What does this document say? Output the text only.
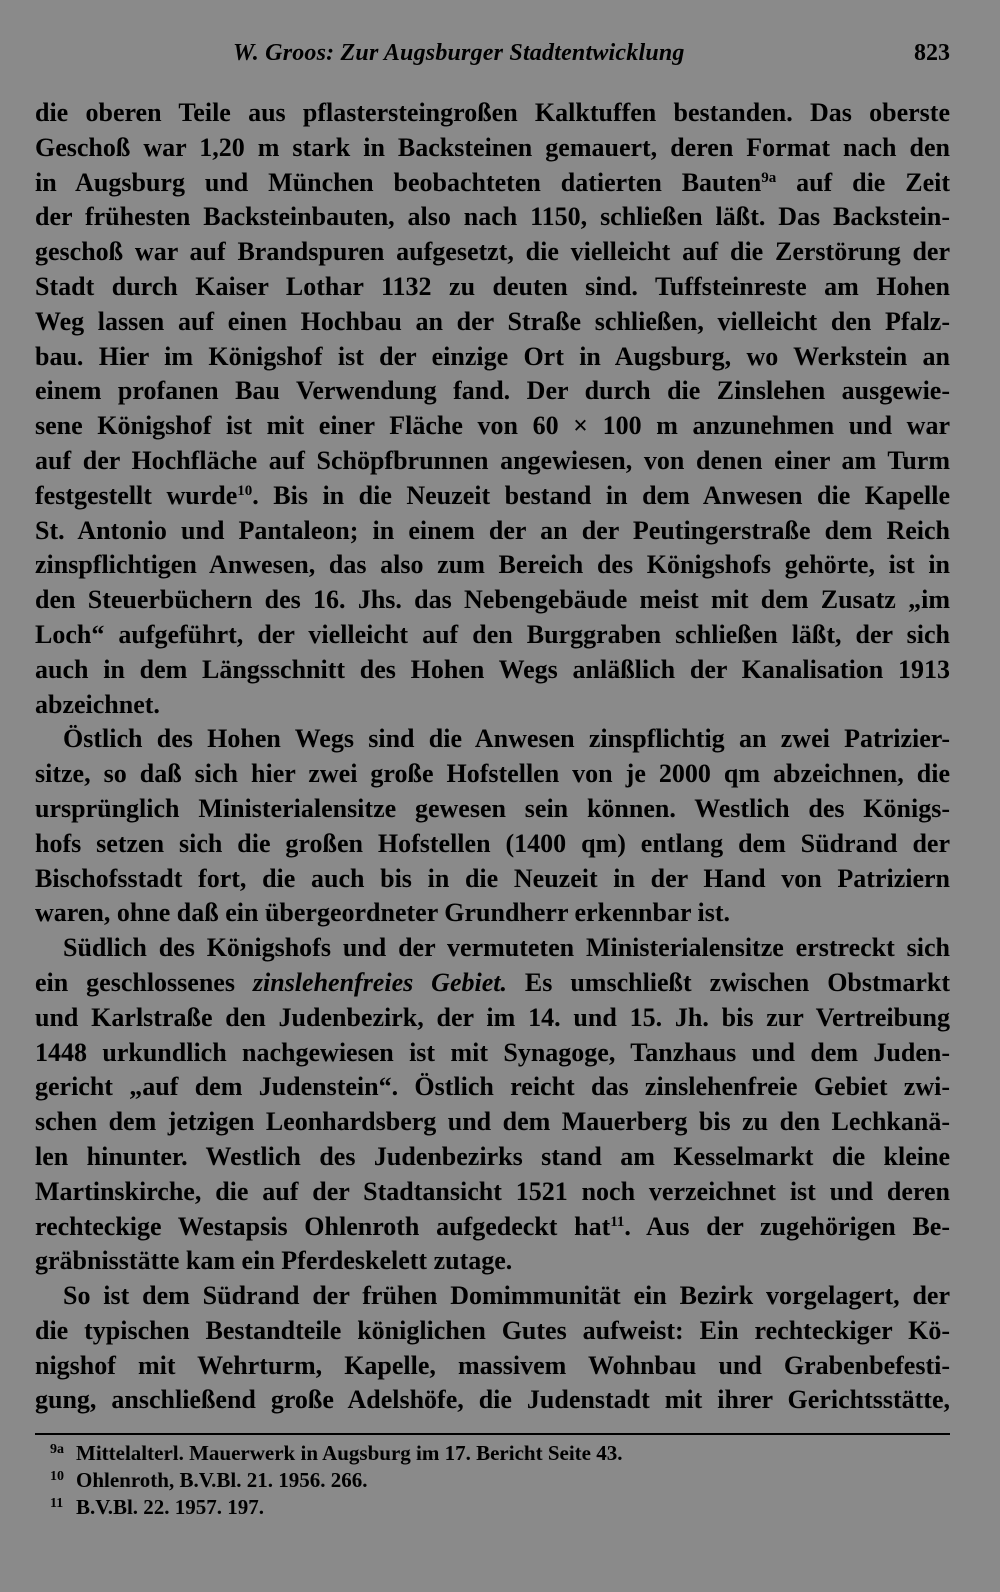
W. Groos: Zur Augsburger Stadtentwicklung	823
die oberen Teile aus pflastersteingroßen Kalktuffen bestanden. Das oberste
Geschoß war 1,20 m stark in Backsteinen gemauert, deren Format nach den
in Augsburg und München beobachteten datierten Bauten$^{9a}$ auf die Zeit
der frühesten Backsteinbauten, also nach 1150, schließen läßt. Das Backstein-
geschoß war auf Brandspuren aufgesetzt, die vielleicht auf die Zerstörung der
Stadt durch Kaiser Lothar 1132 zu deuten sind. Tuffsteinreste am Hohen
Weg lassen auf einen Hochbau an der Straße schließen, vielleicht den Pfalz-
bau. Hier im Königshof ist der einzige Ort in Augsburg, wo Werkstein an
einem profanen Bau Verwendung fand. Der durch die Zinslehen ausgewie-
sene Königshof ist mit einer Fläche von 60 × 100 m anzunehmen und war
auf der Hochfläche auf Schöpfbrunnen angewiesen, von denen einer am Turm
festgestellt wurde$^{10}$. Bis in die Neuzeit bestand in dem Anwesen die Kapelle
St. Antonio und Pantaleon; in einem der an der Peutingerstraße dem Reich
zinspflichtigen Anwesen, das also zum Bereich des Königshofs gehörte, ist in
den Steuerbüchern des 16. Jhs. das Nebengebäude meist mit dem Zusatz „im
Loch“ aufgeführt, der vielleicht auf den Burggraben schließen läßt, der sich
auch in dem Längsschnitt des Hohen Wegs anläßlich der Kanalisation 1913
abzeichnet.
Östlich des Hohen Wegs sind die Anwesen zinspflichtig an zwei Patrizier-
sitze, so daß sich hier zwei große Hofstellen von je 2000 qm abzeichnen, die
ursprünglich Ministerialensitze gewesen sein können. Westlich des Königs-
hofs setzen sich die großen Hofstellen (1400 qm) entlang dem Südrand der
Bischofsstadt fort, die auch bis in die Neuzeit in der Hand von Patriziern
waren, ohne daß ein übergeordneter Grundherr erkennbar ist.
Südlich des Königshofs und der vermuteten Ministerialensitze erstreckt sich
ein geschlossenes zinslehenfreies Gebiet. Es umschließt zwischen Obstmarkt
und Karlstraße den Judenbezirk, der im 14. und 15. Jh. bis zur Vertreibung
1448 urkundlich nachgewiesen ist mit Synagoge, Tanzhaus und dem Juden-
gericht „auf dem Judenstein“. Östlich reicht das zinslehenfreie Gebiet zwi-
schen dem jetzigen Leonhardsberg und dem Mauerberg bis zu den Lechkanä-
len hinunter. Westlich des Judenbezirks stand am Kesselmarkt die kleine
Martinskirche, die auf der Stadtansicht 1521 noch verzeichnet ist und deren
rechteckige Westapsis Ohlenroth aufgedeckt hat$^{11}$. Aus der zugehörigen Be-
gräbnisstätte kam ein Pferdeskelett zutage.
So ist dem Südrand der frühen Domimmunität ein Bezirk vorgelagert, der
die typischen Bestandteile königlichen Gutes aufweist: Ein rechteckiger Kö-
nigshof mit Wehrturm, Kapelle, massivem Wohnbau und Grabenbefesti-
gung, anschließend große Adelshöfe, die Judenstadt mit ihrer Gerichtsstätte,

9a Mittelalterl. Mauerwerk in Augsburg im 17. Bericht Seite 43.

10 Ohlenroth, B.V.Bl. 21. 1956. 266.

11 B.V.Bl. 22. 1957. 197.
